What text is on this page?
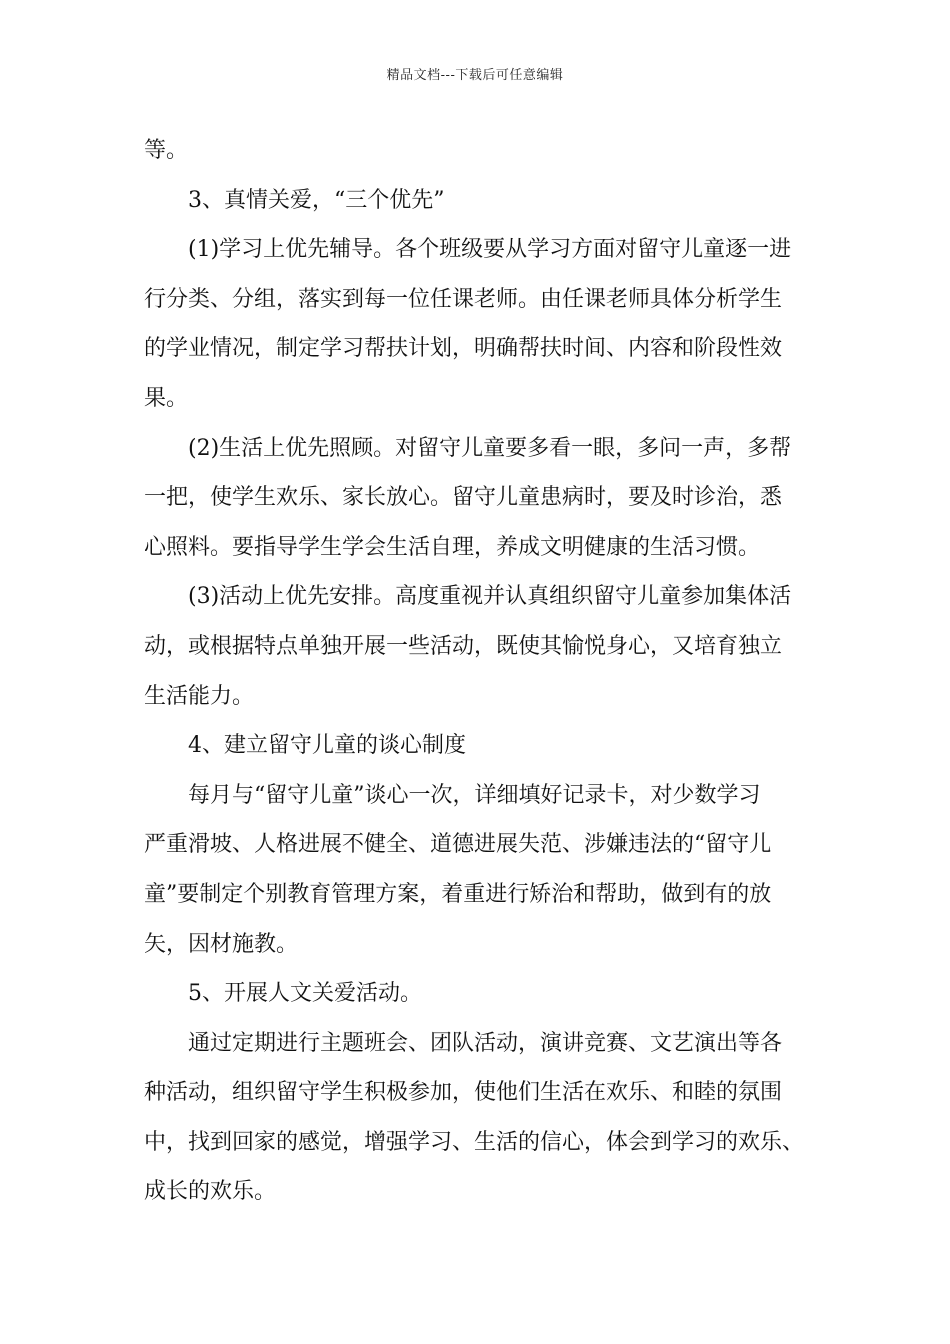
精品文档---下载后可任意编辑
等。
3、真情关爱，“三个优先”
(1)学习上优先辅导。各个班级要从学习方面对留守儿童逐一进
行分类、分组，落实到每一位任课老师。由任课老师具体分析学生
的学业情况，制定学习帮扶计划，明确帮扶时间、内容和阶段性效
果。
(2)生活上优先照顾。对留守儿童要多看一眼，多问一声，多帮
一把，使学生欢乐、家长放心。留守儿童患病时，要及时诊治，悉
心照料。要指导学生学会生活自理，养成文明健康的生活习惯。
(3)活动上优先安排。高度重视并认真组织留守儿童参加集体活
动，或根据特点单独开展一些活动，既使其愉悦身心，又培育独立
生活能力。
4、建立留守儿童的谈心制度
每月与“留守儿童”谈心一次，详细填好记录卡，对少数学习
严重滑坡、人格进展不健全、道德进展失范、涉嫌违法的“留守儿
童”要制定个别教育管理方案，着重进行矫治和帮助，做到有的放
矢，因材施教。
5、开展人文关爱活动。
通过定期进行主题班会、团队活动，演讲竞赛、文艺演出等各
种活动，组织留守学生积极参加，使他们生活在欢乐、和睦的氛围
中，找到回家的感觉，增强学习、生活的信心，体会到学习的欢乐、
成长的欢乐。
